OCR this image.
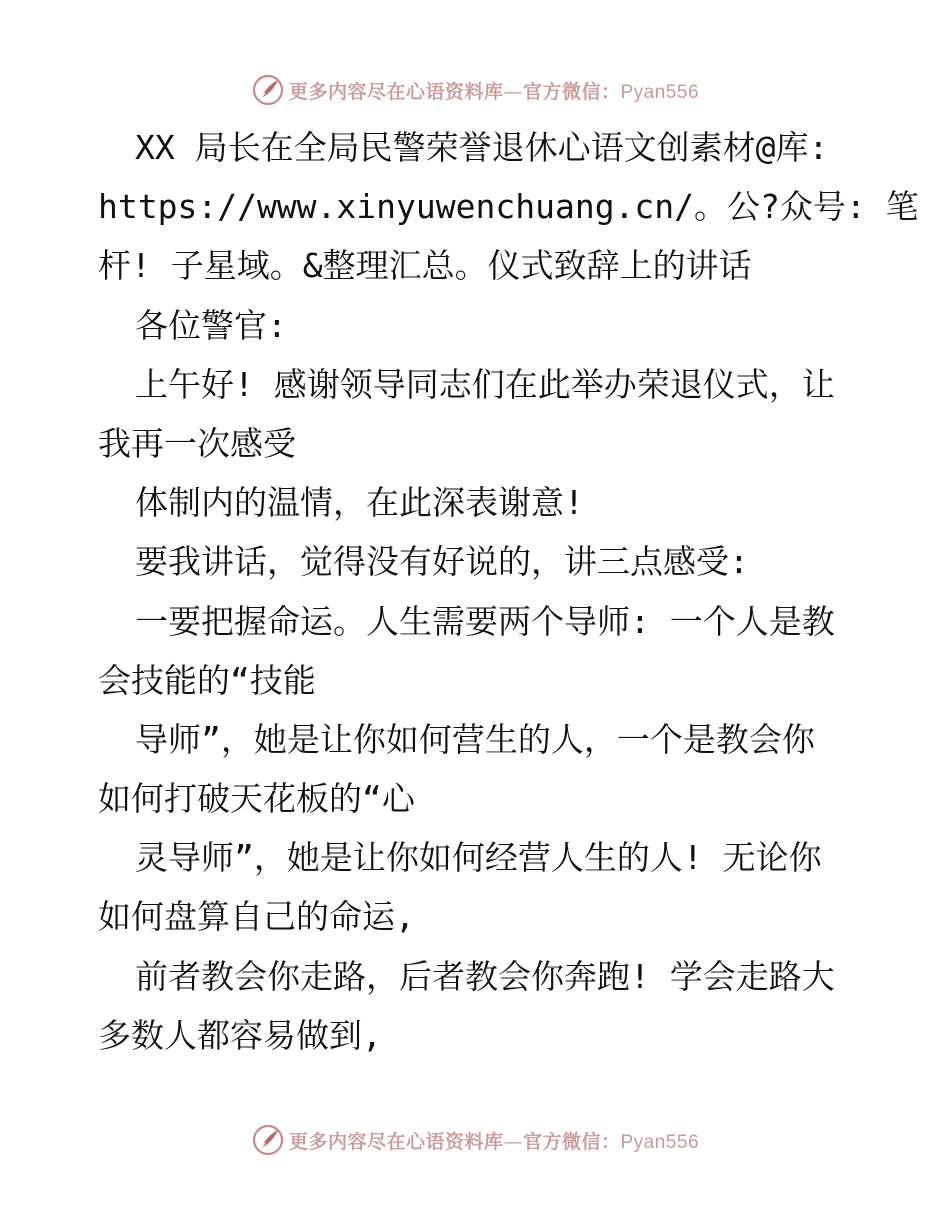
更多内容尽在心语资料库—官方微信：Pyan556
XX 局长在全局民警荣誉退休心语文创素材@库:
https://www.xinyuwenchuang.cn/。公?众号: 笔
杆! 子星域。&整理汇总。仪式致辞上的讲话
各位警官:
上午好! 感谢领导同志们在此举办荣退仪式，让
我再一次感受
体制内的温情，在此深表谢意!
要我讲话，觉得没有好说的，讲三点感受:
一要把握命运。人生需要两个导师: 一个人是教
会技能的“技能
导师”，她是让你如何营生的人，一个是教会你
如何打破天花板的“心
灵导师”，她是让你如何经营人生的人! 无论你
如何盘算自己的命运,
前者教会你走路，后者教会你奔跑! 学会走路大
多数人都容易做到,
更多内容尽在心语资料库—官方微信：Pyan556
